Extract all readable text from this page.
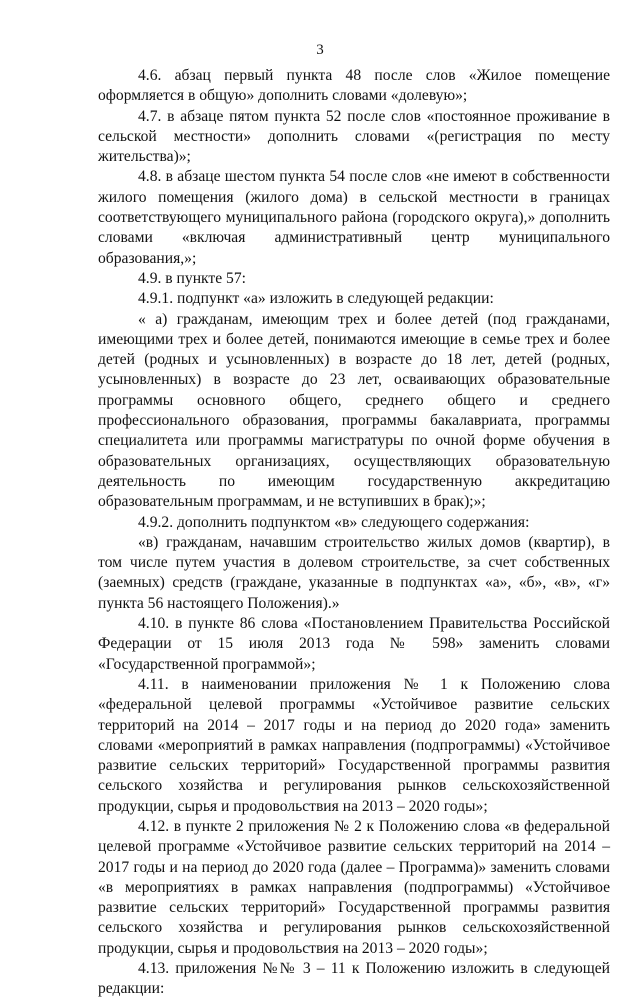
3

4.6. абзац первый пункта 48 после слов «Жилое помещение оформляется в общую» дополнить словами «долевую»;

4.7. в абзаце пятом пункта 52 после слов «постоянное проживание в сельской местности» дополнить словами «(регистрация по месту жительства)»;

4.8. в абзаце шестом пункта 54 после слов «не имеют в собственности жилого помещения (жилого дома) в сельской местности в границах соответствующего муниципального района (городского округа),» дополнить словами «включая административный центр муниципального образования,»;

4.9. в пункте 57:

4.9.1. подпункт «а» изложить в следующей редакции:

« а) гражданам, имеющим трех и более детей (под гражданами, имеющими трех и более детей, понимаются имеющие в семье трех и более детей (родных и усыновленных) в возрасте до 18 лет, детей (родных, усыновленных) в возрасте до 23 лет, осваивающих образовательные программы основного общего, среднего общего и среднего профессионального образования, программы бакалавриата, программы специалитета или программы магистратуры по очной форме обучения в образовательных организациях, осуществляющих образовательную деятельность по имеющим государственную аккредитацию образовательным программам, и не вступивших в брак);»;

4.9.2. дополнить подпунктом «в» следующего содержания:

«в) гражданам, начавшим строительство жилых домов (квартир), в том числе путем участия в долевом строительстве, за счет собственных (заемных) средств (граждане, указанные в подпунктах «а», «б», «в», «г» пункта 56 настоящего Положения).»

4.10. в пункте 86 слова «Постановлением Правительства Российской Федерации от 15 июля 2013 года № 598» заменить словами «Государственной программой»;

4.11. в наименовании приложения № 1 к Положению слова «федеральной целевой программы «Устойчивое развитие сельских территорий на 2014 – 2017 годы и на период до 2020 года» заменить словами «мероприятий в рамках направления (подпрограммы) «Устойчивое развитие сельских территорий» Государственной программы развития сельского хозяйства и регулирования рынков сельскохозяйственной продукции, сырья и продовольствия на 2013 – 2020 годы»;

4.12. в пункте 2 приложения № 2 к Положению слова «в федеральной целевой программе «Устойчивое развитие сельских территорий на 2014 – 2017 годы и на период до 2020 года (далее – Программа)» заменить словами «в мероприятиях в рамках направления (подпрограммы) «Устойчивое развитие сельских территорий» Государственной программы развития сельского хозяйства и регулирования рынков сельскохозяйственной продукции, сырья и продовольствия на 2013 – 2020 годы»;

4.13. приложения №№ 3 – 11 к Положению изложить в следующей редакции:
